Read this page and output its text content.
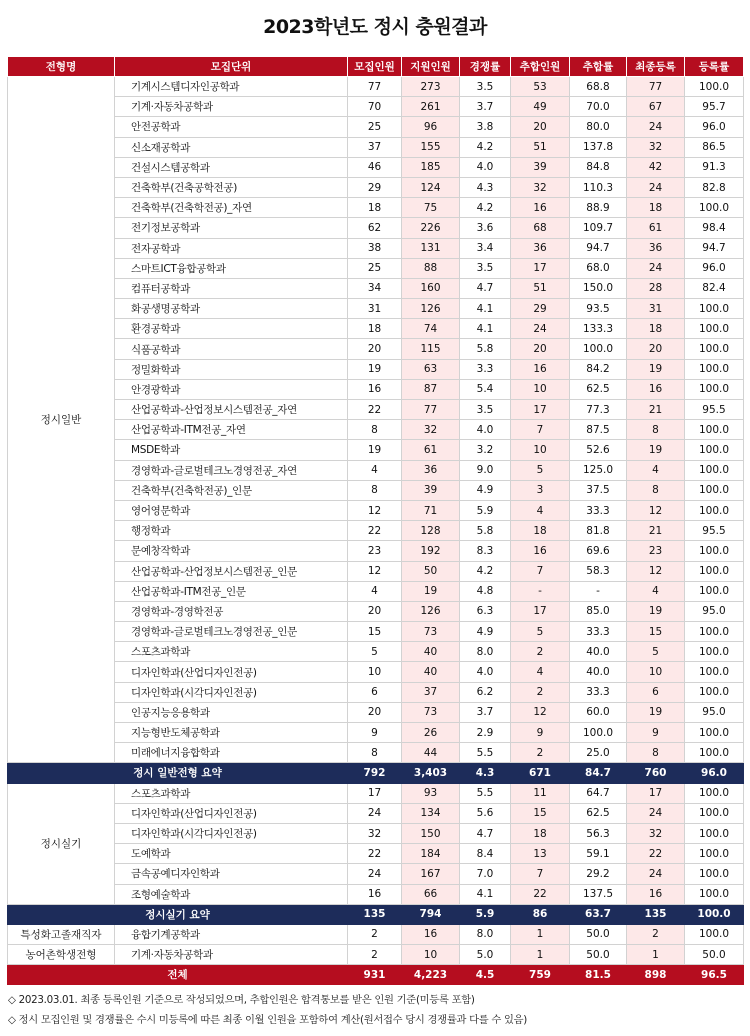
2023학년도 정시 충원결과
전형명	모집단위	모집인원	지원인원	경쟁률	추합인원	추합률	최종등록	등록률
정시일반	기계시스템디자인공학과	77	273	3.5	53	68.8	77	100.0
	기계·자동차공학과	70	261	3.7	49	70.0	67	95.7
	안전공학과	25	96	3.8	20	80.0	24	96.0
	신소재공학과	37	155	4.2	51	137.8	32	86.5
	건설시스템공학과	46	185	4.0	39	84.8	42	91.3
	건축학부(건축공학전공)	29	124	4.3	32	110.3	24	82.8
	건축학부(건축학전공)_자연	18	75	4.2	16	88.9	18	100.0
	전기정보공학과	62	226	3.6	68	109.7	61	98.4
	전자공학과	38	131	3.4	36	94.7	36	94.7
	스마트ICT융합공학과	25	88	3.5	17	68.0	24	96.0
	컴퓨터공학과	34	160	4.7	51	150.0	28	82.4
	화공생명공학과	31	126	4.1	29	93.5	31	100.0
	환경공학과	18	74	4.1	24	133.3	18	100.0
	식품공학과	20	115	5.8	20	100.0	20	100.0
	정밀화학과	19	63	3.3	16	84.2	19	100.0
	안경광학과	16	87	5.4	10	62.5	16	100.0
	산업공학과-산업정보시스템전공_자연	22	77	3.5	17	77.3	21	95.5
	산업공학과-ITM전공_자연	8	32	4.0	7	87.5	8	100.0
	MSDE학과	19	61	3.2	10	52.6	19	100.0
	경영학과-글로벌테크노경영전공_자연	4	36	9.0	5	125.0	4	100.0
	건축학부(건축학전공)_인문	8	39	4.9	3	37.5	8	100.0
	영어영문학과	12	71	5.9	4	33.3	12	100.0
	행정학과	22	128	5.8	18	81.8	21	95.5
	문예창작학과	23	192	8.3	16	69.6	23	100.0
	산업공학과-산업정보시스템전공_인문	12	50	4.2	7	58.3	12	100.0
	산업공학과-ITM전공_인문	4	19	4.8	-	-	4	100.0
	경영학과-경영학전공	20	126	6.3	17	85.0	19	95.0
	경영학과-글로벌테크노경영전공_인문	15	73	4.9	5	33.3	15	100.0
	스포츠과학과	5	40	8.0	2	40.0	5	100.0
	디자인학과(산업디자인전공)	10	40	4.0	4	40.0	10	100.0
	디자인학과(시각디자인전공)	6	37	6.2	2	33.3	6	100.0
	인공지능응용학과	20	73	3.7	12	60.0	19	95.0
	지능형반도체공학과	9	26	2.9	9	100.0	9	100.0
	미래에너지융합학과	8	44	5.5	2	25.0	8	100.0
정시 일반전형 요약		792	3,403	4.3	671	84.7	760	96.0
정시실기	스포츠과학과	17	93	5.5	11	64.7	17	100.0
	디자인학과(산업디자인전공)	24	134	5.6	15	62.5	24	100.0
	디자인학과(시각디자인전공)	32	150	4.7	18	56.3	32	100.0
	도예학과	22	184	8.4	13	59.1	22	100.0
	금속공예디자인학과	24	167	7.0	7	29.2	24	100.0
	조형예술학과	16	66	4.1	22	137.5	16	100.0
정시실기 요약		135	794	5.9	86	63.7	135	100.0
특성화고졸재직자	융합기계공학과	2	16	8.0	1	50.0	2	100.0
농어촌학생전형	기계·자동차공학과	2	10	5.0	1	50.0	1	50.0
전체		931	4,223	4.5	759	81.5	898	96.5
◇ 2023.03.01. 최종 등록인원 기준으로 작성되었으며, 추합인원은 합격통보를 받은 인원 기준(미등록 포함)
◇ 정시 모집인원 및 경쟁률은 수시 미등록에 따른 최종 이월 인원을 포함하여 계산(원서접수 당시 경쟁률과 다를 수 있음)
